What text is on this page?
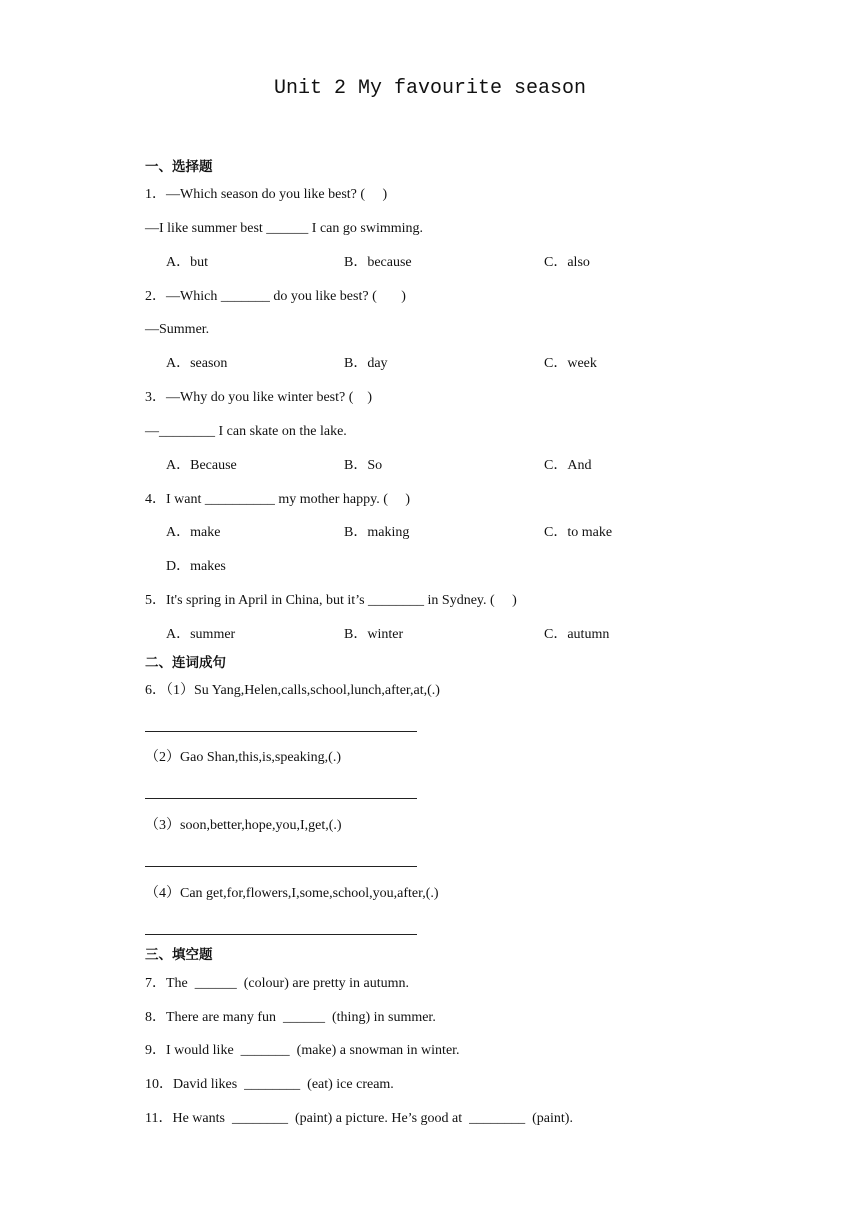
Unit 2 My favourite season
一、选择题
1．—Which season do you like best? (     )
—I like summer best ______ I can go swimming.
A．but	B．because	C．also
2．—Which _______ do you like best? (       )
—Summer.
A．season	B．day	C．week
3．—Why do you like winter best? (    )
—________ I can skate on the lake.
A．Because	B．So	C．And
4．I want __________ my mother happy. (     )
A．make	B．making	C．to make
D．makes
5．It's spring in April in China, but it’s ________ in Sydney. (     )
A．summer	B．winter	C．autumn
二、连词成句
6．（1）Su Yang,Helen,calls,school,lunch,after,at,(.)
（2）Gao Shan,this,is,speaking,(.)
（3）soon,better,hope,you,I,get,(.)
（4）Can get,for,flowers,I,some,school,you,after,(.)
三、填空题
7．The  ______  (colour) are pretty in autumn.
8．There are many fun  ______  (thing) in summer.
9．I would like  _______  (make) a snowman in winter.
10．David likes  ________  (eat) ice cream.
11．He wants  ________  (paint) a picture. He’s good at  ________  (paint).
